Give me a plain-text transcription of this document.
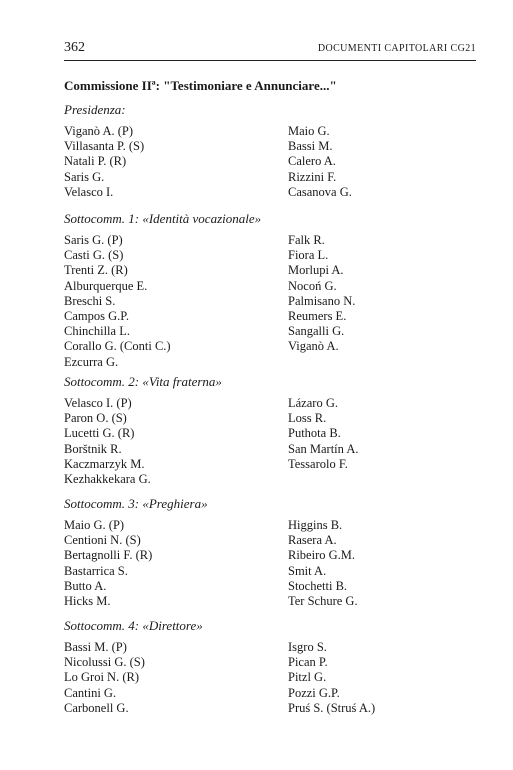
362	DOCUMENTI CAPITOLARI CG21
Commissione IIª: "Testimoniare e Annunciare..."
Presidenza:
Viganò A. (P)
Villasanta P. (S)
Natali P. (R)
Saris G.
Velasco I.
Maio G.
Bassi M.
Calero A.
Rizzini F.
Casanova G.
Sottocomm. 1: «Identità vocazionale»
Saris G. (P)
Casti G. (S)
Trenti Z. (R)
Alburquerque E.
Breschi S.
Campos G.P.
Chinchilla L.
Corallo G. (Conti C.)
Ezcurra G.
Falk R.
Fiora L.
Morlupi A.
Nocoń G.
Palmisano N.
Reumers E.
Sangalli G.
Viganò A.
Sottocomm. 2: «Vita fraterna»
Velasco I. (P)
Paron O. (S)
Lucetti G. (R)
Borštnik R.
Kaczmarzyk M.
Kezhakkekara G.
Lázaro G.
Loss R.
Puthota B.
San Martín A.
Tessarolo F.
Sottocomm. 3: «Preghiera»
Maio G. (P)
Centioni N. (S)
Bertagnolli F. (R)
Bastarrica S.
Butto A.
Hicks M.
Higgins B.
Rasera A.
Ribeiro G.M.
Smit A.
Stochetti B.
Ter Schure G.
Sottocomm. 4: «Direttore»
Bassi M. (P)
Nicolussi G. (S)
Lo Groi N. (R)
Cantini G.
Carbonell G.
Isgro S.
Pican P.
Pitzl G.
Pozzi G.P.
Pruś S. (Struś A.)
